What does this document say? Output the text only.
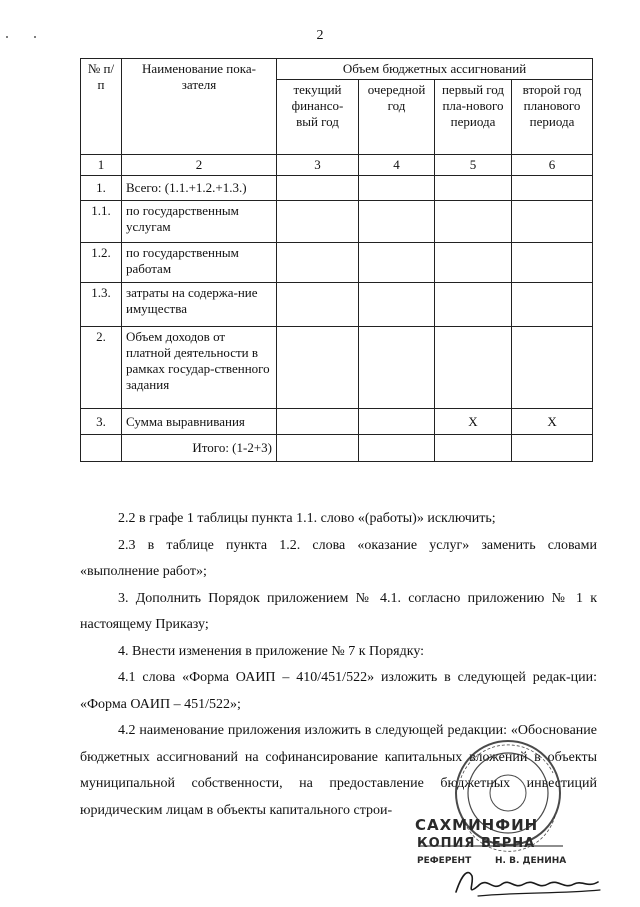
2
№ п/п	Наименование пока-зателя	Объем бюджетных ассигнований			
		текущий финансо-вый год	очередной год	первый год пла-нового периода	второй год планового периода
1	2	3	4	5	6
1.	Всего: (1.1.+1.2.+1.3.)				
1.1.	по государственным услугам				
1.2.	по государственным работам				
1.3.	затраты на содержа-ние имущества				
2.	Объем доходов от платной деятельности в рамках государ-ственного задания				
3.	Сумма выравнивания			X	X
	Итого: (1-2+3)				

2.2 в графе 1 таблицы пункта 1.1. слово «(работы)» исключить;

2.3 в таблице пункта 1.2. слова «оказание услуг» заменить словами «выполнение работ»;

3. Дополнить Порядок приложением № 4.1. согласно приложению № 1 к настоящему Приказу;

4. Внести изменения в приложение № 7 к Порядку:

4.1 слова «Форма ОАИП – 410/451/522» изложить в следующей редак-ции: «Форма ОАИП – 451/522»;

4.2 наименование приложения изложить в следующей редакции: «Обоснование бюджетных ассигнований на софинансирование капитальных вложений в объекты муниципальной собственности, на предоставление бюджетных инвестиций юридическим лицам в объекты капитального строи-

САХМИНФИН
КОПИЯ ВЕРНА
РЕФЕРЕНТ	Н. В. ДЕНИНА
